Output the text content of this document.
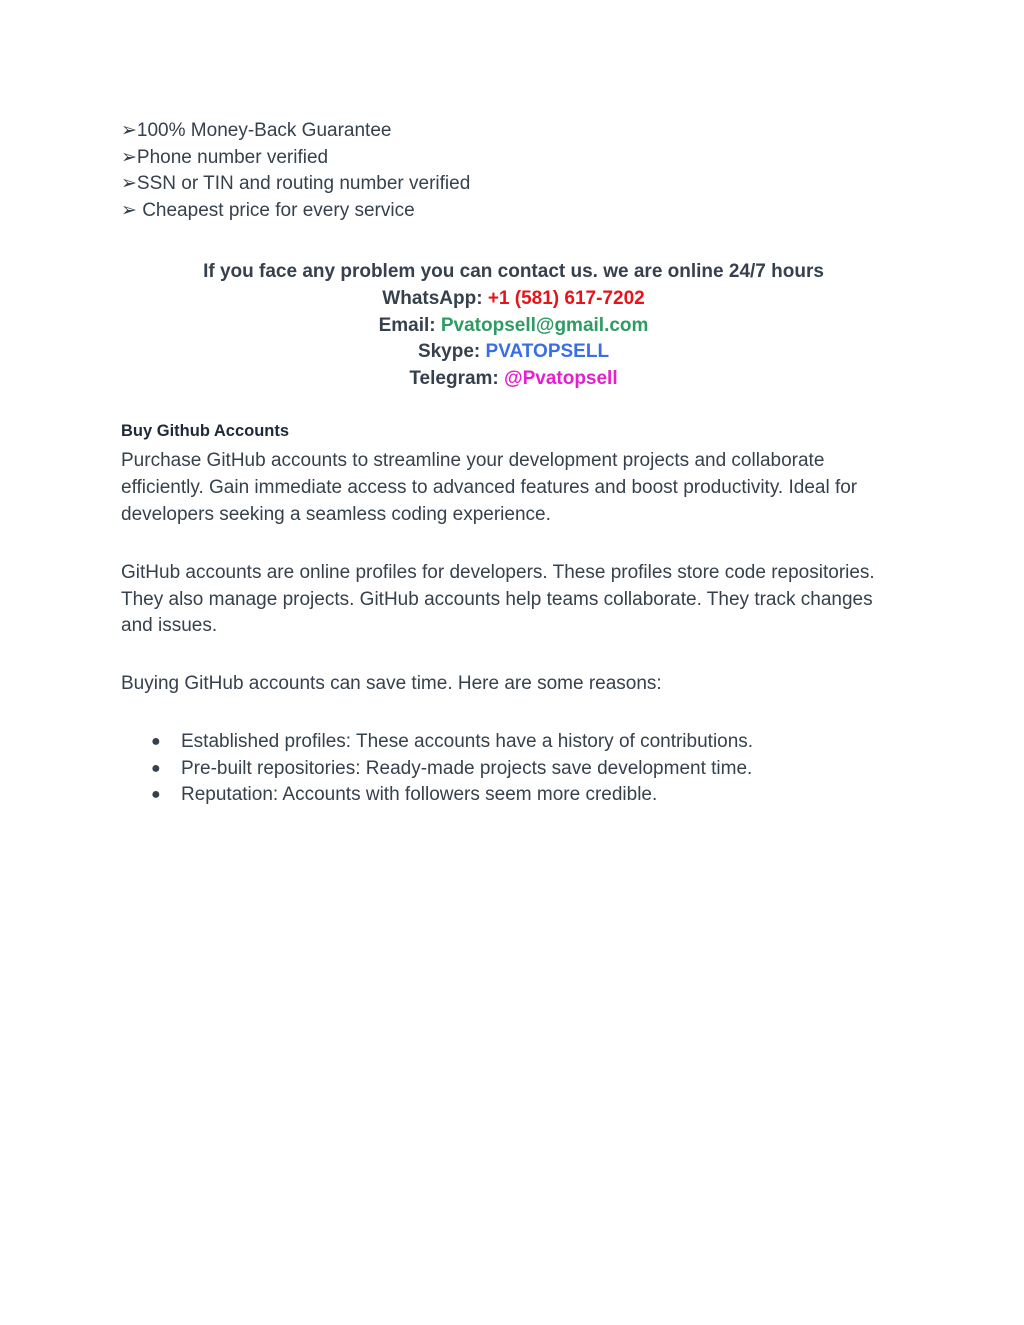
➢100% Money-Back Guarantee
➢Phone number verified
➢SSN or TIN and routing number verified
➢ Cheapest price for every service
If you face any problem you can contact us. we are online 24/7 hours
WhatsApp: +1 (581) 617-7202
Email: Pvatopsell@gmail.com
Skype: PVATOPSELL
Telegram: @Pvatopsell
Buy Github Accounts

Purchase GitHub accounts to streamline your development projects and collaborate efficiently. Gain immediate access to advanced features and boost productivity. Ideal for developers seeking a seamless coding experience.

GitHub accounts are online profiles for developers. These profiles store code repositories. They also manage projects. GitHub accounts help teams collaborate. They track changes and issues.

Buying GitHub accounts can save time. Here are some reasons:

● Established profiles: These accounts have a history of contributions.
● Pre-built repositories: Ready-made projects save development time.
● Reputation: Accounts with followers seem more credible.
